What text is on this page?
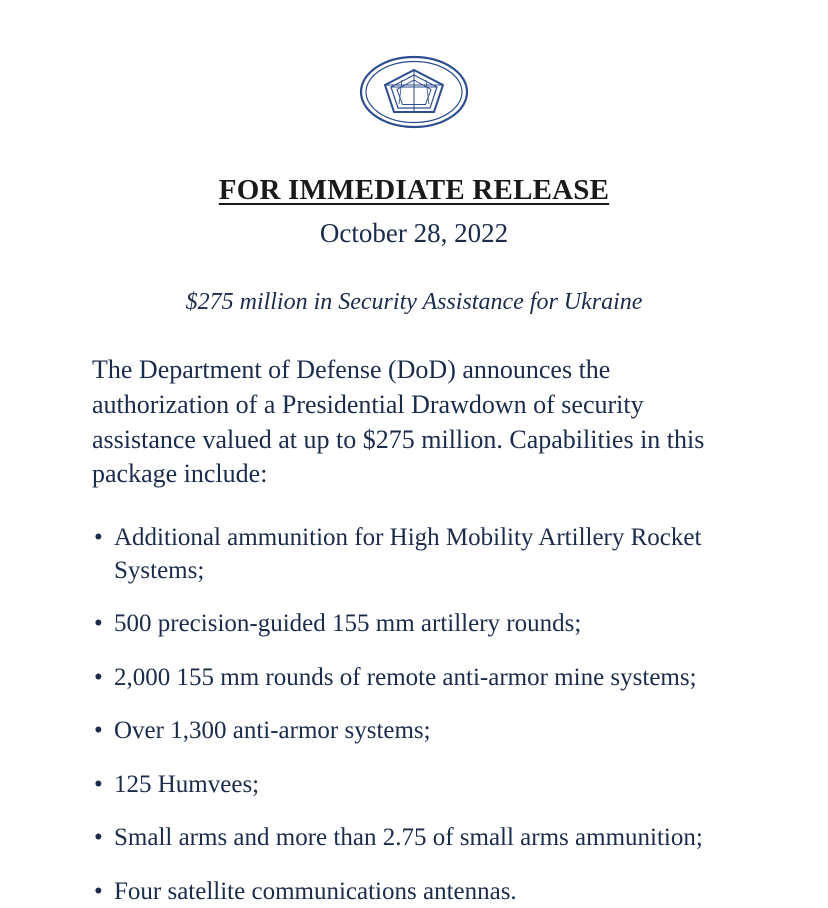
FOR IMMEDIATE RELEASE
October 28, 2022
$275 million in Security Assistance for Ukraine

The Department of Defense (DoD) announces the authorization of a Presidential Drawdown of security assistance valued at up to $275 million. Capabilities in this package include:

• Additional ammunition for High Mobility Artillery Rocket Systems;
• 500 precision-guided 155 mm artillery rounds;
• 2,000 155 mm rounds of remote anti-armor mine systems;
• Over 1,300 anti-armor systems;
• 125 Humvees;
• Small arms and more than 2.75 of small arms ammunition;
• Four satellite communications antennas.
